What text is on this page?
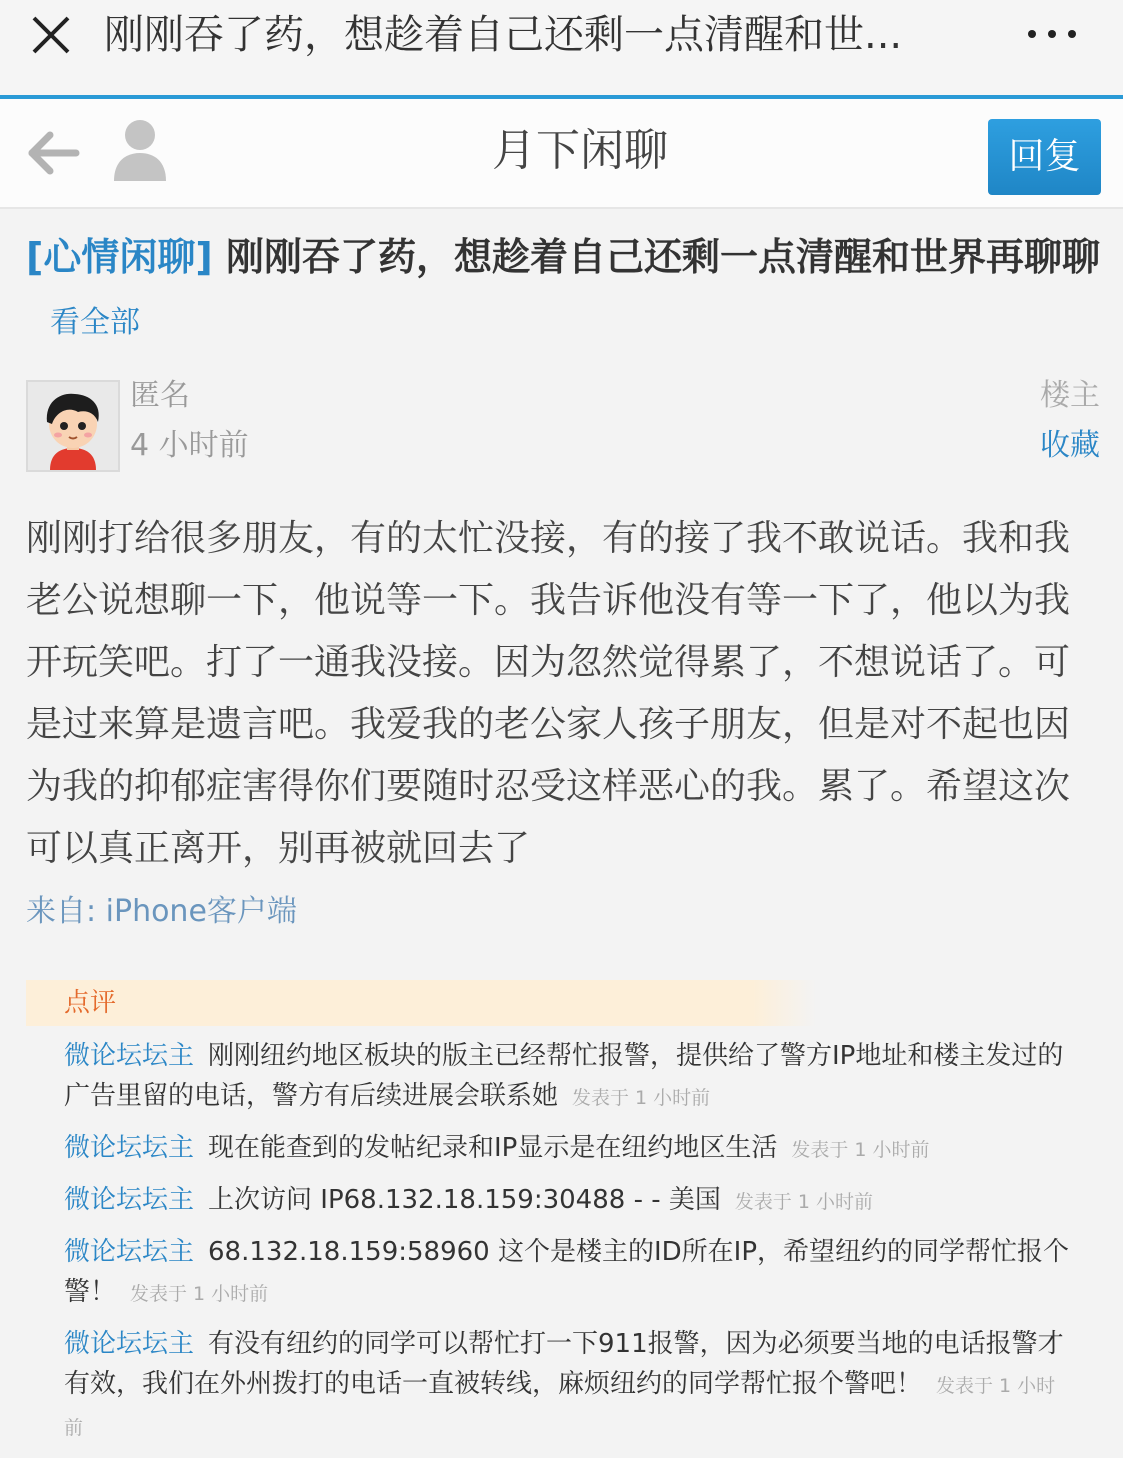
刚刚吞了药，想趁着自己还剩一点清醒和世...
月下闲聊	回复
[心情闲聊] 刚刚吞了药，想趁着自己还剩一点清醒和世界再聊聊看全部
匿名
4 小时前
楼主
收藏
刚刚打给很多朋友，有的太忙没接，有的接了我不敢说话。我和我老公说想聊一下，他说等一下。我告诉他没有等一下了，他以为我开玩笑吧。打了一通我没接。因为忽然觉得累了，不想说话了。可是过来算是遗言吧。我爱我的老公家人孩子朋友，但是对不起也因为我的抑郁症害得你们要随时忍受这样恶心的我。累了。希望这次可以真正离开，别再被就回去了
来自: iPhone客户端
点评
微论坛坛主 刚刚纽约地区板块的版主已经帮忙报警，提供给了警方IP地址和楼主发过的广告里留的电话，警方有后续进展会联系她 发表于 1 小时前
微论坛坛主 现在能查到的发帖纪录和IP显示是在纽约地区生活 发表于 1 小时前
微论坛坛主 上次访问 IP68.132.18.159:30488 - - 美国 发表于 1 小时前
微论坛坛主 68.132.18.159:58960 这个是楼主的ID所在IP，希望纽约的同学帮忙报个警！ 发表于 1 小时前
微论坛坛主 有没有纽约的同学可以帮忙打一下911报警，因为必须要当地的电话报警才有效，我们在外州拨打的电话一直被转线，麻烦纽约的同学帮忙报个警吧！ 发表于 1 小时前
